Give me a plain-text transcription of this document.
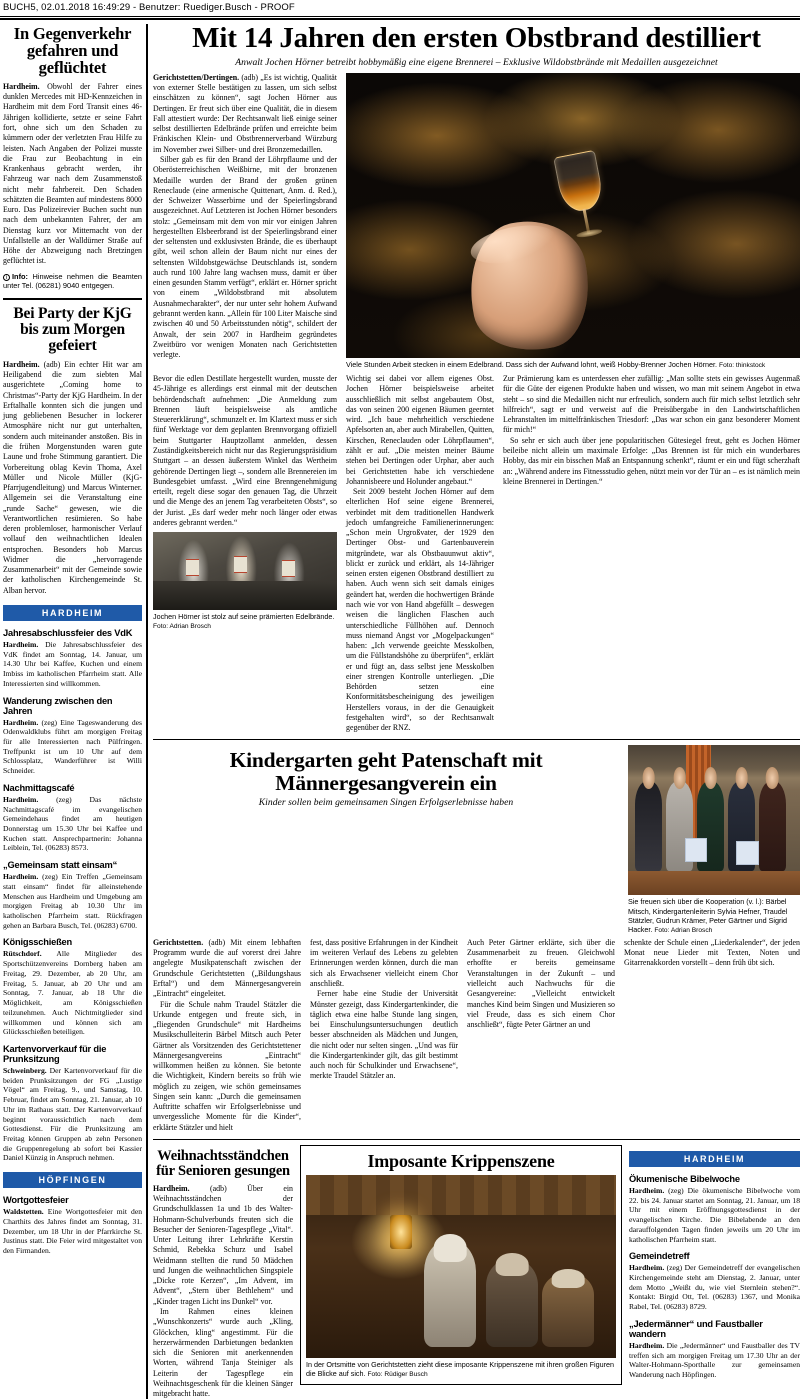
BUCH5, 02.01.2018 16:49:29 - Benutzer: Ruediger.Busch - PROOF
In Gegenverkehr gefahren und geflüchtet

Hardheim. Obwohl der Fahrer eines dunklen Mercedes mit HD-Kennzeichen in Hardheim mit dem Ford Transit eines 46-Jährigen kollidierte, setzte er seine Fahrt fort, ohne sich um den Schaden zu kümmern oder der verletzten Frau Hilfe zu leisten. Nach Angaben der Polizei musste die Frau zur Beobachtung in ein Krankenhaus gebracht werden, ihr Fahrzeug war nach dem Zusammenstoß nicht mehr fahrbereit. Den Schaden schätzten die Beamten auf mindestens 8000 Euro. Das Polizeirevier Buchen sucht nun nach dem unbekannten Fahrer, der am Dienstag kurz vor Mitternacht von der Unfallstelle an der Walldürner Straße auf Höhe der Abzweigung nach Bretzingen geflüchtet ist.

i Info: Hinweise nehmen die Beamten unter Tel. (06281) 9040 entgegen.
Bei Party der KjG bis zum Morgen gefeiert

Hardheim. (adb) Ein echter Hit war am Heiligabend die zum siebten Mal ausgerichtete „Coming home to Christmas“-Party der KjG Hardheim. In der Erftalhalle konnten sich die jungen und jung gebliebenen Besucher in lockerer Atmosphäre nicht nur gut unterhalten, sondern auch miteinander anstoßen. Bis in die frühen Morgenstunden waren gute Laune und frohe Stimmung garantiert. Die Vorbereitung oblag Kevin Thoma, Axel Müller und Nicole Müller (KjG-Pfarrjugendleitung) und Marcus Winterner. Allgemein sei die Veranstaltung eine „runde Sache“ gewesen, wie die Verantwortlichen resümieren. So habe deren problemloser, harmonischer Verlauf vollauf den weihnachtlichen Idealen entsprochen. Besonders hob Marcus Widmer die „hervorragende Zusammenarbeit“ mit der Gemeinde sowie der katholischen Kirchengemeinde St. Alban hervor.

HARDHEIM
Jahresabschlussfeier des VdK
Hardheim. Die Jahresabschlussfeier des VdK findet am Sonntag, 14. Januar, um 14.30 Uhr bei Kaffee, Kuchen und einem Imbiss im katholischen Pfarrheim statt. Alle Interessierten sind willkommen.
Wanderung zwischen den Jahren
Hardheim. (zeg) Eine Tageswanderung des Odenwaldklubs führt am morgigen Freitag für alle Interessierten nach Pülfringen. Treffpunkt ist um 10 Uhr auf dem Schlossplatz, Wanderführer ist Willi Schneider.
Nachmittagscafé
Hardheim. (zeg) Das nächste Nachmittagscafé im evangelischen Gemeindehaus findet am heutigen Donnerstag um 15.30 Uhr bei Kaffee und Kuchen statt. Ansprechpartnerin: Johanna Leiblein, Tel. (06283) 8573.
„Gemeinsam statt einsam“
Hardheim. (zeg) Ein Treffen „Gemeinsam statt einsam“ findet für alleinstehende Menschen aus Hardheim und Umgebung am morgigen Freitag ab 10.30 Uhr im katholischen Pfarrheim statt. Rückfragen gehen an Barbara Busch, Tel. (06283) 6700.
Königsschießen
Rütschdorf. Alle Mitglieder des Sportschützenvereins Dornberg haben am Freitag, 29. Dezember, ab 20 Uhr, am Freitag, 5. Januar, ab 20 Uhr und am Sonntag, 7. Januar, ab 18 Uhr die Möglichkeit, am Königsschießen teilzunehmen. Auch Nichtmitglieder sind willkommen und können sich am Glücksschießen beteiligen.
Kartenvorverkauf für die Prunksitzung
Schweinberg. Der Kartenvorverkauf für die beiden Prunksitzungen der FG „Lustige Vögel“ am Freitag, 9., und Samstag, 10. Februar, findet am Sonntag, 21. Januar, ab 10 Uhr im Rathaus statt. Der Kartenvorverkauf beginnt voraussichtlich nach dem Gottesdienst. Für die Prunksitzung am Freitag können Gruppen ab zehn Personen die Gruppenregelung ab sofort bei Kassier Daniel Künzig in Anspruch nehmen.
HÖPFINGEN
Wortgottesfeier
Waldstetten. Eine Wortgottesfeier mit den Charthits des Jahres findet am Sonntag, 31. Dezember, um 18 Uhr in der Pfarrkirche St. Justinus statt. Die Feier wird mitgestaltet von den Firmanden.
Mit 14 Jahren den ersten Obstbrand destilliert
Anwalt Jochen Hörner betreibt hobbymäßig eine eigene Brennerei – Exklusive Wildobstbrände mit Medaillen ausgezeichnet

Gerichtstetten/Dertingen. (adb) „Es ist wichtig, Qualität von externer Stelle bestätigen zu lassen, um sich selbst einschätzen zu können“, sagt Jochen Hörner aus Dertingen. Er freut sich über eine Qualität, die in diesem Fall attestiert wurde: Der Rechtsanwalt ließ einige seiner selbst destillierten Edelbrände prüfen und erreichte beim Fränkischen Klein- und Obstbrennerverband Würzburg im November zwei Silber- und drei Bronzemedaillen.

Silber gab es für den Brand der Löhrpflaume und der Oberösterreichischen Weißbirne, mit der bronzenen Medaille wurden der Brand der großen grünen Reneclaude (eine armenische Quittenart, Anm. d. Red.), der Schweizer Wasserbirne und der Speierlingsbrand ausgezeichnet. Auf Letzteren ist Jochen Hörner besonders stolz: „Gemeinsam mit dem von mir vor einigen Jahren hergestellten Elsbeerbrand ist der Speierlingsbrand einer der seltensten und exklusivsten Brände, die es überhaupt gibt, weil schon allein der Baum nicht nur eines der seltensten Wildobstgewächse Deutschlands ist, sondern auch rund 100 Jahre lang wachsen muss, damit er über einen gesunden Stamm verfügt“, erklärt er. Hörner spricht von einem „Wildobstbrand mit absolutem Ausnahmecharakter“, der nur unter sehr hohem Aufwand gebrannt werden kann. „Allein für 100 Liter Maische sind zwischen 40 und 50 Arbeitsstunden nötig“, schildert der Anwalt, der sein 2007 in Hardheim gegründetes Zweitbüro vor wenigen Monaten nach Gerichtstetten verlegte.

Viele Stunden Arbeit stecken in einem Edelbrand. Dass sich der Aufwand lohnt, weiß Hobby-Brenner Jochen Hörner. Foto: thinkstock

Bevor die edlen Destillate hergestellt wurden, musste der 45-Jährige es allerdings erst einmal mit der deutschen behördendschaft aufnehmen: „Die Anmeldung zum Brennen läuft beispielsweise als amtliche Steuererklärung“, schmunzelt er. Im Klartext muss er sich fünf Werktage vor dem geplanten Brennvorgang offiziell beim Stuttgarter Hauptzollamt anmelden, dessen Zuständigkeitsbereich nicht nur das Regierungspräsidium Stuttgart – an dessen äußerstem Winkel das Wertheim gehörende Dertingen liegt –, sondern alle Brennereien im Bundesgebiet umfasst. „Wird eine Brenngenehmigung erteilt, regelt diese sogar den genauen Tag, die Uhrzeit und die Menge des an jenem Tag verarbeiteten Obsts“, so der Jurist. „Es darf weder mehr noch länger oder etwas anderes gebrannt werden.“

Jochen Hörner ist stolz auf seine prämierten Edelbrände. Foto: Adrian Brosch

Wichtig sei dabei vor allem eigenes Obst. Jochen Hörner beispielsweise arbeitet ausschließlich mit selbst angebautem Obst, das von seinen 200 eigenen Bäumen geerntet wird. „Ich baue mehrheitlich verschiedene Apfelsorten an, aber auch Mirabellen, Quitten, Kirschen, Reneclauden oder Löhrpflaumen“, zählt er auf. „Die meisten meiner Bäume stehen bei Dertingen oder Urphar, aber auch bei Gerichtstetten habe ich verschiedene Johannisbeere und Holunder angebaut.“

Seit 2009 besteht Jochen Hörner auf dem elterlichen Hof seine eigene Brennerei, verbindet mit dem traditionellen Handwerk jedoch umfangreiche Familienerinnerungen: „Schon mein Urgroßvater, der 1929 den Dertinger Obst- und Gartenbauverein mitgründete, war als Obstbauunwut aktiv“, blickt er zurück und erklärt, als 14-Jähriger seinen ersten eigenen Obstbrand destilliert zu haben. Auch wenn sich seit damals einiges geändert hat, werden die hochwertigen Brände nach wie vor von Hand abgefüllt – deswegen weisen die länglichen Flaschen auch unterschiedliche Füllhöhen auf. Dennoch muss niemand Angst vor „Mogelpackungen“ haben: „Ich verwende geeichte Messkolben, um die Füllstandshöhe zu überprüfen“, erklärt er und fügt an, dass selbst jene Messkolben einer strengen Kontrolle unterliegen. „Die Behörden setzen eine Konformitätsbescheinigung des jeweiligen Herstellers voraus, in der die Genauigkeit festgehalten wird“, so der Rechtsanwalt gegenüber der RNZ.

Zur Prämierung kam es unterdessen eher zufällig: „Man sollte stets ein gewisses Augenmaß für die Güte der eigenen Produkte haben und wissen, wo man mit seinem Angebot in etwa steht – so sind die Medaillen nicht nur erfreulich, sondern auch für mich selbst letztlich sehr hilfreich“, sagt er und verweist auf die Preisübergabe in den Landwirtschaftlichen Lehranstalten im mittelfränkischen Triesdorf: „Das war schon ein ganz besonderer Moment für mich!“

So sehr er sich auch über jene popularitischen Gütesiegel freut, geht es Jochen Hörner beileibe nicht allein um maximale Erfolge: „Das Brennen ist für mich ein wunderbares Hobby, das mir ein bisschen Maß an Entspannung schenkt“, räumt er ein und fügt scherzhaft an: „Während andere ins Fitnessstudio gehen, nützt mein vor der Tür an – es ist nämlich mein kleine Brennerei in Dertingen.“

Kindergarten geht Patenschaft mit Männergesangverein ein
Kinder sollen beim gemeinsamen Singen Erfolgserlebnisse haben
Sie freuen sich über die Kooperation (v. l.): Bärbel Mitsch, Kindergartenleiterin Sylvia Hefner, Traudel Stätzler, Gudrun Krämer, Peter Gärtner und Sigrid Hacker. Foto: Adrian Brosch

Gerichtstetten. (adb) Mit einem lebhaften Programm wurde die auf vorerst drei Jahre angelegte Musikpatenschaft zwischen der Grundschule Gerichtstetten („Bildungshaus Erftal“) und dem Männergesangverein „Eintracht“ eingeleitet.

Für die Schule nahm Traudel Stätzler die Urkunde entgegen und freute sich, in „fliegenden Grundschule“ mit Hardheims Musikschulleiterin Bärbel Mitsch auch Peter Gärtner als Vorsitzenden des Gerichtstettener Männergesangvereins „Eintracht“ willkommen heißen zu können. Sie betonte die Wichtigkeit, Kindern bereits so früh wie möglich zu zeigen, wie schön gemeinsames Singen sein kann: „Durch die gemeinsamen Auftritte schaffen wir Erfolgserlebnisse und unvergessliche Momente für die Kinder“, erklärte Stätzler und hielt

fest, dass positive Erfahrungen in der Kindheit im weiteren Verlauf des Lebens zu gelebten Erinnerungen werden können, durch die man sich als Erwachsener vielleicht einem Chor anschließt.

Ferner habe eine Studie der Universität Münster gezeigt, dass Kindergartenkinder, die täglich etwa eine halbe Stunde lang singen, bei Einschulungsuntersuchungen deutlich besser abschneiden als Mädchen und Jungen, die nicht oder nur selten singen. „Und was für die Kindergartenkinder gilt, das gilt bestimmt auch noch für Schulkinder und Erwachsene“, merkte Traudel Stätzler an.

Auch Peter Gärtner erklärte, sich über die Zusammenarbeit zu freuen. Gleichwohl erhoffte er bereits gemeinsame Veranstaltungen in der Zukunft – und vielleicht auch Nachwuchs für die Gesangvereine: „Vielleicht entwickelt manches Kind beim Singen und Musizieren so viel Freude, dass es sich einem Chor anschließt“, fügte Peter Gärtner an und

schenkte der Schule einen „Liederkalender“, der jeden Monat neue Lieder mit Texten, Noten und Gitarrenakkorden vorstellt – denn früh übt sich.

Weihnachtsständchen für Senioren gesungen

Hardheim. (adb) Über ein Weihnachtsständchen der Grundschulklassen 1a und 1b des Walter-Hohmann-Schulverbunds freuten sich die Besucher der Senioren-Tagespflege „Vital“. Unter Leitung ihrer Lehrkräfte Kerstin Schmid, Rebekka Schurz und Isabel Weidmann stellten die rund 50 Mädchen und Jungen die weihnachtlichen Singspiele „Dicke rote Kerzen“, „Im Advent, im Advent“, „Stern über Bethlehem“ und „Kinder tragen Licht ins Dunkel“ vor.

Im Rahmen eines kleinen „Wunschkonzerts“ wurde auch „Kling, Glöckchen, kling“ angestimmt. Für die herzerwärmenden Darbietungen bedankten sich die Senioren mit anerkennenden Worten, während Tanja Steiniger als Leiterin der Tagespflege ein Weihnachtsgeschenk für die kleinen Sänger mitgebracht hatte.

Imposante Krippenszene
In der Ortsmitte von Gerichtstetten zieht diese imposante Krippenszene mit ihren großen Figuren die Blicke auf sich. Foto: Rüdiger Busch
HARDHEIM
Ökumenische Bibelwoche
Hardheim. (zeg) Die ökumenische Bibelwoche vom 22. bis 24. Januar startet am Sonntag, 21. Januar, um 18 Uhr mit einem Eröffnungsgottesdienst in der evangelischen Kirche. Die Bibelabende an den darauffolgenden Tagen finden jeweils um 20 Uhr im katholischen Pfarrheim statt.
Gemeindetreff
Hardheim. (zeg) Der Gemeindetreff der evangelischen Kirchengemeinde steht am Dienstag, 2. Januar, unter dem Motto „Weißt du, wie viel Sternlein stehen?“. Kontakt: Birgid Ott, Tel. (06283) 1367, und Monika Rabel, Tel. (06283) 8729.
„Jedermänner“ und Faustballer wandern
Hardheim. Die „Jedermänner“ und Faustballer des TV treffen sich am morgigen Freitag um 17.30 Uhr an der Walter-Hohmann-Sporthalle zur gemeinsamen Wanderung nach Höpfingen.
